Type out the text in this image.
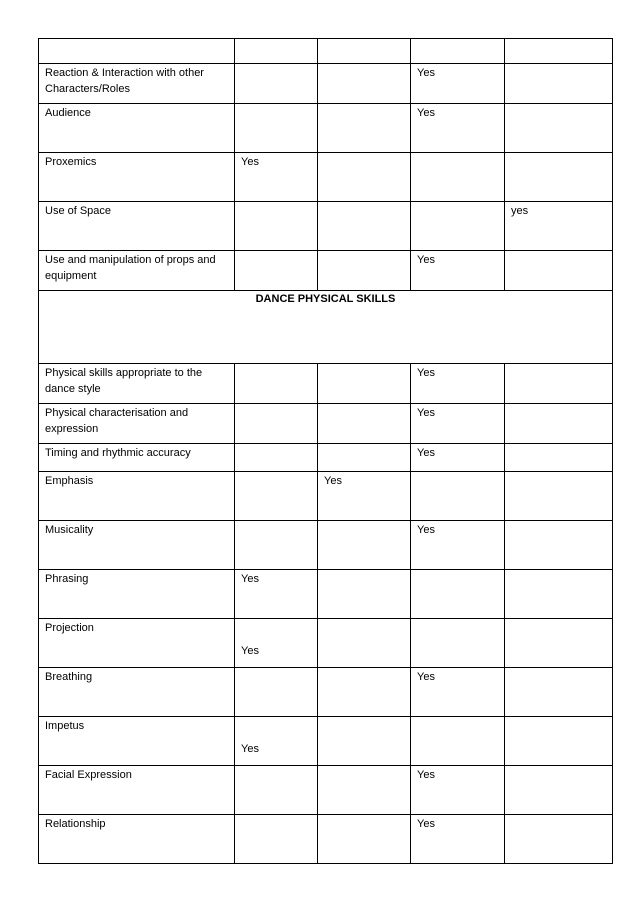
Reaction & Interaction with other Characters/Roles			Yes	

Audience			Yes	

Proxemics	Yes			

Use of Space				yes

Use and manipulation of props and equipment			Yes	

DANCE PHYSICAL SKILLS				

Physical skills appropriate to the dance style			Yes	

Physical characterisation and expression			Yes	

Timing and rhythmic accuracy			Yes	

Emphasis		Yes		

Musicality			Yes	

Phrasing	Yes			

Projection	Yes			

Breathing			Yes	

Impetus	Yes			

Facial Expression			Yes	

Relationship			Yes	
